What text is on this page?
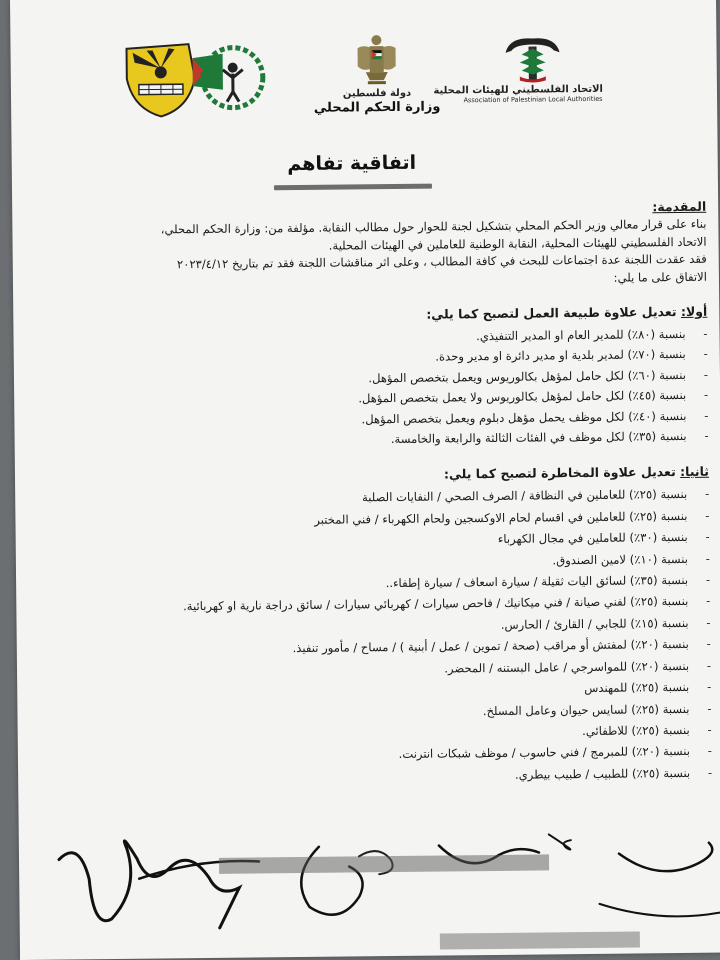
الاتحاد الفلسطيني للهيئات المحلية
Association of Palestinian Local Authorities
دولة فلسطين
وزارة الحكم المحلي
اتفاقية تفاهم
المقدمة:
بناء على قرار معالي وزير الحكم المحلي بتشكيل لجنة للحوار حول مطالب النقابة. مؤلفة من: وزارة الحكم المحلي،
الاتحاد الفلسطيني للهيئات المحلية، النقابة الوطنية للعاملين في الهيئات المحلية.
فقد عقدت اللجنة عدة اجتماعات للبحث في كافة المطالب ، وعلى اثر مناقشات اللجنة فقد تم بتاريخ ٢٠٢٣/٤/١٢
الاتفاق على ما يلي:
أولا: تعديل علاوة طبيعة العمل لتصبح كما يلي:
-
بنسبة (٨٠٪) للمدير العام او المدير التنفيذي.
-
بنسبة (٧٠٪) لمدير بلدية او مدير دائرة او مدير وحدة.
-
بنسبة (٦٠٪) لكل حامل لمؤهل بكالوريوس ويعمل بتخصص المؤهل.
-
بنسبة (٤٥٪) لكل حامل لمؤهل بكالوريوس ولا يعمل بتخصص المؤهل.
-
بنسبة (٤٠٪) لكل موظف يحمل مؤهل دبلوم ويعمل بتخصص المؤهل.
-
بنسبة (٣٥٪) لكل موظف في الفئات الثالثة والرابعة والخامسة.
ثانيا: تعديل علاوة المخاطرة لتصبح كما يلي:
-
بنسبة (٢٥٪) للعاملين في النظافة / الصرف الصحي / النفايات الصلبة
-
بنسبة (٢٥٪) للعاملين في اقسام لحام الاوكسجين ولحام الكهرباء / فني المختبر
-
بنسبة (٣٠٪) للعاملين في مجال الكهرباء
-
بنسبة (١٠٪) لامين الصندوق.
-
بنسبة (٣٥٪) لسائق اليات ثقيلة / سيارة اسعاف / سيارة إطفاء..
-
بنسبة (٢٥٪) لفني صيانة / فني ميكانيك / فاحص سيارات / كهربائي سيارات / سائق دراجة نارية او كهربائية.
-
بنسبة (١٥٪) للجابي / القارئ / الحارس.
-
بنسبة (٢٠٪) لمفتش أو مراقب (صحة / تموين / عمل / أبنية ) / مساح / مأمور تنفيذ.
-
بنسبة (٢٠٪) للمواسرجي / عامل البستنه / المحضر.
-
بنسبة (٢٥٪) للمهندس
-
بنسبة (٢٥٪) لسايس حيوان وعامل المسلخ.
-
بنسبة (٢٥٪) للاطفائي.
-
بنسبة (٢٠٪) للمبرمج / فني حاسوب / موظف شبكات انترنت.
-
بنسبة (٢٥٪) للطبيب / طبيب بيطري.
